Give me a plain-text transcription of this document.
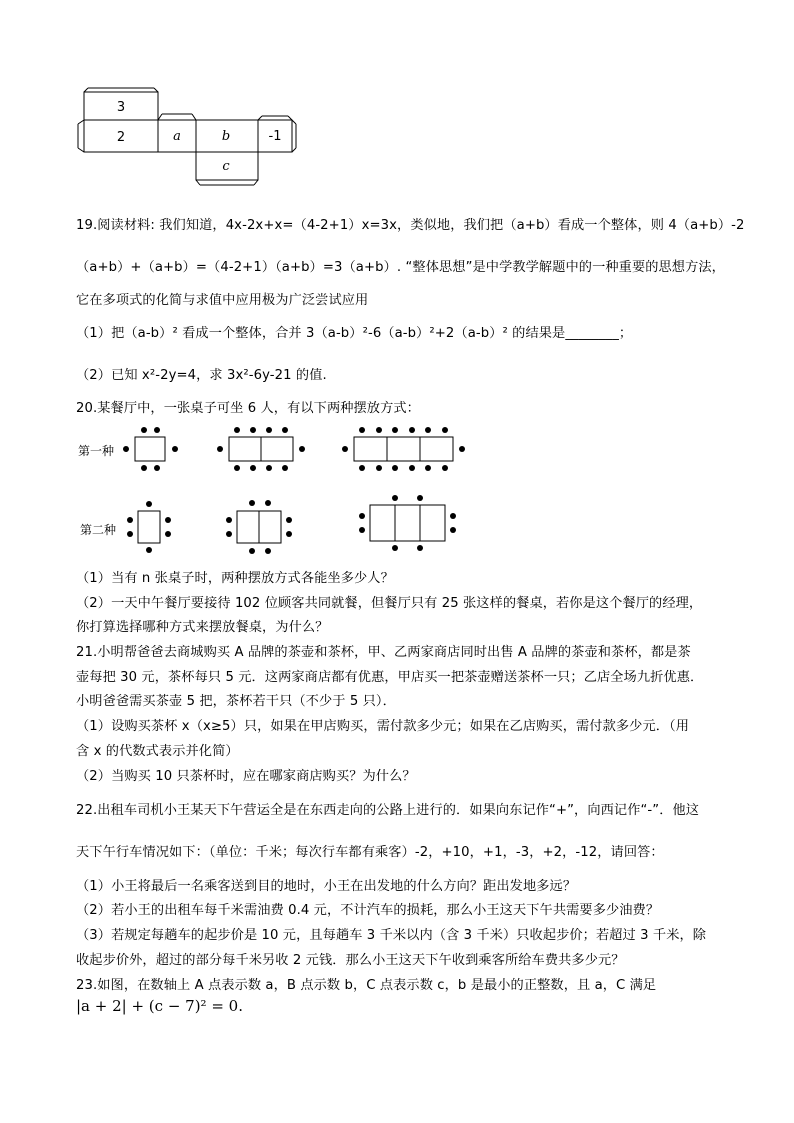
3
2	a	b	-1
c
19.阅读材料: 我们知道，4x-2x+x=（4-2+1）x=3x，类似地，我们把（a+b）看成一个整体，则 4（a+b）-2
（a+b）+（a+b）=（4-2+1）（a+b）=3（a+b）. “整体思想”是中学教学解题中的一种重要的思想方法，
它在多项式的化简与求值中应用极为广泛尝试应用
（1）把（a-b）² 看成一个整体，合并 3（a-b）²-6（a-b）²+2（a-b）² 的结果是________；
（2）已知 x²-2y=4，求 3x²-6y-21 的值.
20.某餐厅中，一张桌子可坐 6 人，有以下两种摆放方式：
第一种
第二种
（1）当有 n 张桌子时，两种摆放方式各能坐多少人？
（2）一天中午餐厅要接待 102 位顾客共同就餐，但餐厅只有 25 张这样的餐桌，若你是这个餐厅的经理，
你打算选择哪种方式来摆放餐桌，为什么？
21.小明帮爸爸去商城购买 A 品牌的茶壶和茶杯，甲、乙两家商店同时出售 A 品牌的茶壶和茶杯，都是茶
壶每把 30 元，茶杯每只 5 元．这两家商店都有优惠，甲店买一把茶壶赠送茶杯一只；乙店全场九折优惠．
小明爸爸需买茶壶 5 把，茶杯若干只（不少于 5 只）．
（1）设购买茶杯 x（x≥5）只，如果在甲店购买，需付款多少元；如果在乙店购买，需付款多少元．（用
含 x 的代数式表示并化简）
（2）当购买 10 只茶杯时，应在哪家商店购买？为什么？
22.出租车司机小王某天下午营运全是在东西走向的公路上进行的．如果向东记作“+”，向西记作“-”．他这
天下午行车情况如下：（单位：千米；每次行车都有乘客）-2，+10，+1，-3，+2，-12，请回答：
（1）小王将最后一名乘客送到目的地时，小王在出发地的什么方向？距出发地多远？
（2）若小王的出租车每千米需油费 0.4 元，不计汽车的损耗，那么小王这天下午共需要多少油费？
（3）若规定每趟车的起步价是 10 元，且每趟车 3 千米以内（含 3 千米）只收起步价；若超过 3 千米，除
收起步价外，超过的部分每千米另收 2 元钱．那么小王这天下午收到乘客所给车费共多少元？
23.如图，在数轴上 A 点表示数 a，B 点示数 b，C 点表示数 c，b 是最小的正整数，且 a，C 满足
|a + 2| + (c − 7)² = 0.
